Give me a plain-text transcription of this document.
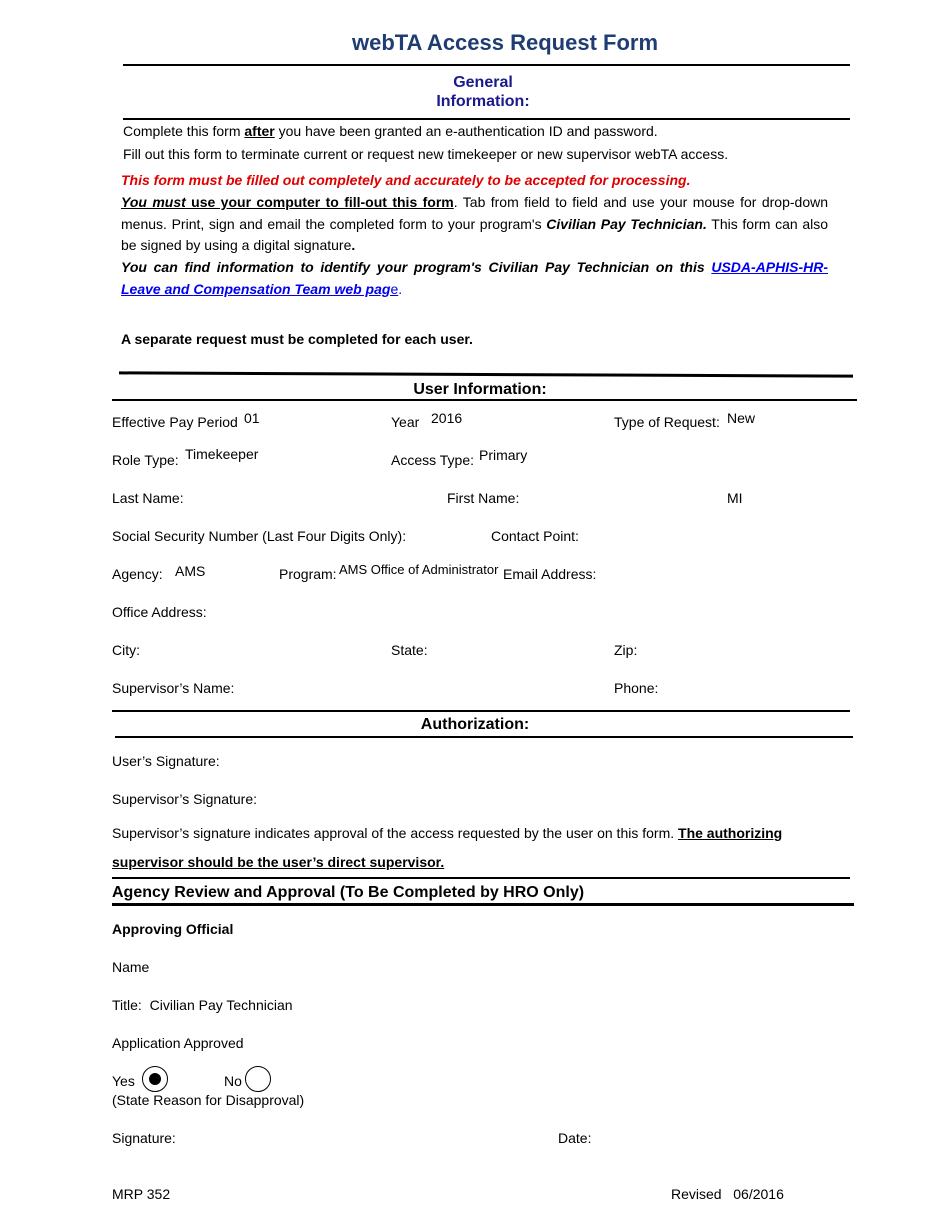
webTA Access Request Form
General
Information:
Complete this form after you have been granted an e-authentication ID and password.
Fill out this form to terminate current or request new timekeeper or new supervisor webTA access.
This form must be filled out completely and accurately to be accepted for processing.
You must use your computer to fill-out this form. Tab from field to field and use your mouse for drop-down menus. Print, sign and email the completed form to your program's Civilian Pay Technician. This form can also be signed by using a digital signature.
You can find information to identify your program's Civilian Pay Technician on this USDA-APHIS-HR-Leave and Compensation Team web page.
A separate request must be completed for each user.
User Information:
Effective Pay Period 01	Year 2016	Type of Request: New
Role Type: Timekeeper	Access Type: Primary
Last Name:	First Name:	MI
Social Security Number (Last Four Digits Only):	Contact Point:
Agency: AMS	Program: AMS Office of Administrator Email Address:
Office Address:
City:	State:	Zip:
Supervisor’s Name:	Phone:
Authorization:
User’s Signature:
Supervisor’s Signature:
Supervisor’s signature indicates approval of the access requested by the user on this form. The authorizing
supervisor should be the user’s direct supervisor.
Agency Review and Approval (To Be Completed by HRO Only)
Approving Official
Name
Title: Civilian Pay Technician
Application Approved
Yes	No
(State Reason for Disapproval)
Signature:	Date:
MRP 352	Revised 06/2016
